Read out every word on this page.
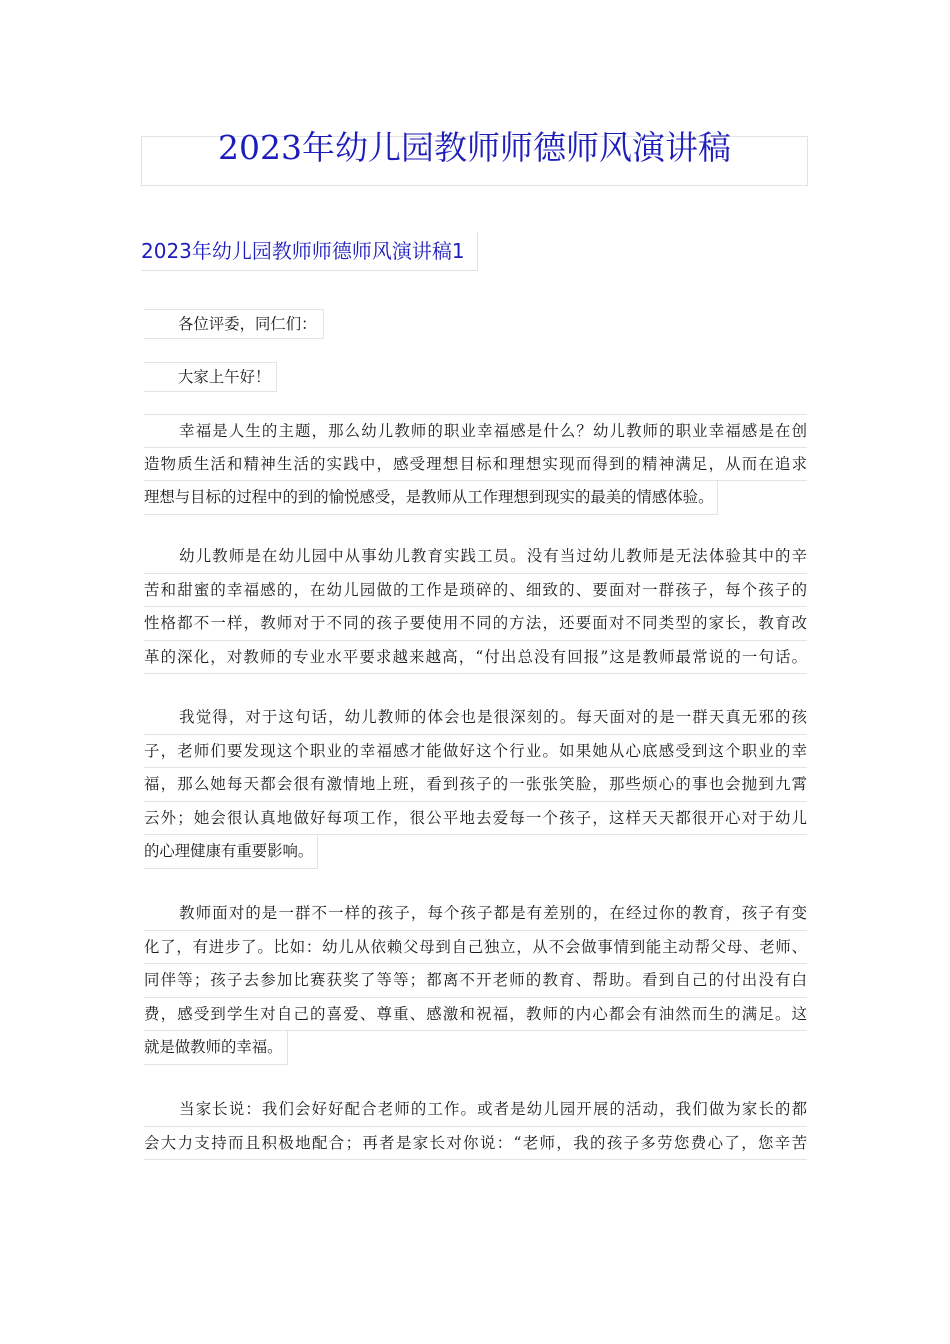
2023年幼儿园教师师德师风演讲稿
2023年幼儿园教师师德师风演讲稿1
各位评委，同仁们：
大家上午好！
幸福是人生的主题，那么幼儿教师的职业幸福感是什么？幼儿教师的职业幸福感是在创
造物质生活和精神生活的实践中，感受理想目标和理想实现而得到的精神满足，从而在追求
理想与目标的过程中的到的愉悦感受，是教师从工作理想到现实的最美的情感体验。
幼儿教师是在幼儿园中从事幼儿教育实践工员。没有当过幼儿教师是无法体验其中的辛
苦和甜蜜的幸福感的，在幼儿园做的工作是琐碎的、细致的、要面对一群孩子，每个孩子的
性格都不一样，教师对于不同的孩子要使用不同的方法，还要面对不同类型的家长，教育改
革的深化，对教师的专业水平要求越来越高，“付出总没有回报”这是教师最常说的一句话。
我觉得，对于这句话，幼儿教师的体会也是很深刻的。每天面对的是一群天真无邪的孩
子，老师们要发现这个职业的幸福感才能做好这个行业。如果她从心底感受到这个职业的幸
福，那么她每天都会很有激情地上班，看到孩子的一张张笑脸，那些烦心的事也会抛到九霄
云外；她会很认真地做好每项工作，很公平地去爱每一个孩子，这样天天都很开心对于幼儿
的心理健康有重要影响。
教师面对的是一群不一样的孩子，每个孩子都是有差别的，在经过你的教育，孩子有变
化了，有进步了。比如：幼儿从依赖父母到自己独立，从不会做事情到能主动帮父母、老师、
同伴等；孩子去参加比赛获奖了等等；都离不开老师的教育、帮助。看到自己的付出没有白
费，感受到学生对自己的喜爱、尊重、感激和祝福，教师的内心都会有油然而生的满足。这
就是做教师的幸福。
当家长说：我们会好好配合老师的工作。或者是幼儿园开展的活动，我们做为家长的都
会大力支持而且积极地配合；再者是家长对你说：“老师，我的孩子多劳您费心了，您辛苦
